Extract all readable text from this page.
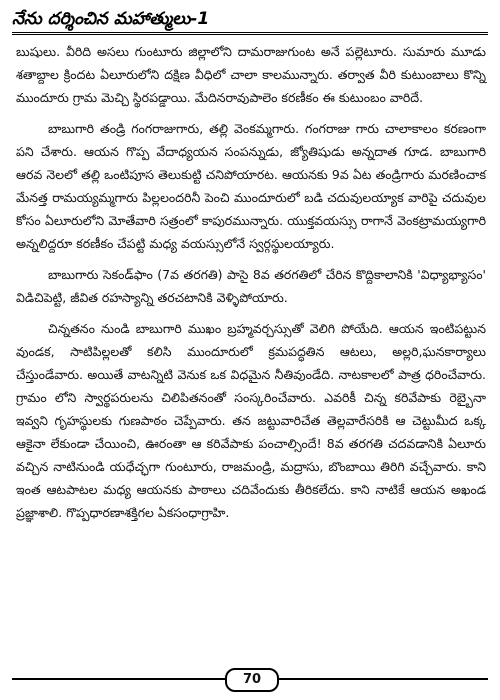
నేను దర్శించిన మహాత్ములు-1

బుషులు. వీరిది అసలు గుంటూరు జిల్లాలోని దామరాజుగుంట అనే పల్లెటూరు. సుమారు మూడు శతాబ్దాల క్రిందట ఏలూరులోని దక్షిణ వీధిలో చాలా కాలమున్నారు. తర్వాత వీరి కుటుంబాలు కొన్ని ముందూరు గ్రామ మెచ్చి స్థిరపడ్డాయి. మేదినరావుపాలెం కరణీకం ఈ కుటుంబం వారిదే.

బాబుగారి తండ్రి గంగరాజుగారు, తల్లి వెంకమ్మగారు. గంగరాజు గారు చాలాకాలం కరణంగా పని చేశారు. ఆయన గొప్ప వేదాధ్యయన సంపన్నుడు, జ్యోతిషుడు అన్నదాత గూడ. బాబుగారి ఆరవ నెలలో తల్లి ఒంటిపూస తెలుకుట్టి చనిపోయారట. ఆయనకు 9వ ఏట తండ్రిగారు మరణించాక మేనత్త రామయ్యమ్మగారు పిల్లలందరినీ పెంచి ముందూరులో బడి చదువులయ్యాక వారిపై చదువుల కోసం ఏలూరులోని మోతేవారి సత్రంలో కాపురమున్నారు. యుక్తవయస్సు రాగానే వెంకట్రామయ్యగారి అన్నలిద్దరూ కరణీకం చేపట్టి మధ్య వయస్సులోనే స్వర్గస్థులయ్యారు.

బాబుగారు సెకండ్‌ఫాం (7వ తరగతి) పాసై 8వ తరగతిలో చేరిన కొద్దికాలానికి 'విధ్యాభ్యాసం' విడిచిపెట్టి, జీవిత రహస్యాన్ని తరచటానికి వెళ్ళిపోయారు.

చిన్నతనం నుండి బాబుగారి ముఖం బ్రహ్మవర్చస్సుతో వెలిగి పోయేది. ఆయన ఇంటిపట్టున వుండక, సాటిపిల్లలతో కలిసి ముందూరులో క్రమపద్ధతిన ఆటలు, అల్లరి,ఘనకార్యాలు చేస్తుండేవారు. అయితే వాటన్నిటి వెనుక ఒక విధమైన నీతివుండేది. నాటకాలలో పాత్ర ధరించేవారు. గ్రామం లోని స్వార్థపరులను చిలిపితనంతో సంస్కరించేవారు. ఎవరికీ చిన్న కరివేపాకు రెబ్బైనా ఇవ్వని గృహస్థులకు గుణపాఠం చెప్పేవారు. తన జట్టువారిచేత తెల్లవారేసరికి ఆ చెట్టుమీద ఒక్క ఆకైనా లేకుండా చేయించి, ఊరంతా ఆ కరివేపాకు పంచాల్సిందే! 8వ తరగతి చదవడానికి ఏలూరు వచ్చిన నాటినుండి యధేచ్ఛగా గుంటూరు, రాజమండ్రి, మద్రాసు, బొంబాయి తిరిగి వచ్చేవారు. కాని ఇంత ఆటపాటల మధ్య ఆయనకు పాఠాలు చదివేందుకు తీరికలేదు. కాని నాటికే ఆయన అఖండ ప్రజ్ఞాశాలి. గొప్పధారణాశక్తిగల ఏకసంధాగ్రాహి.

70
